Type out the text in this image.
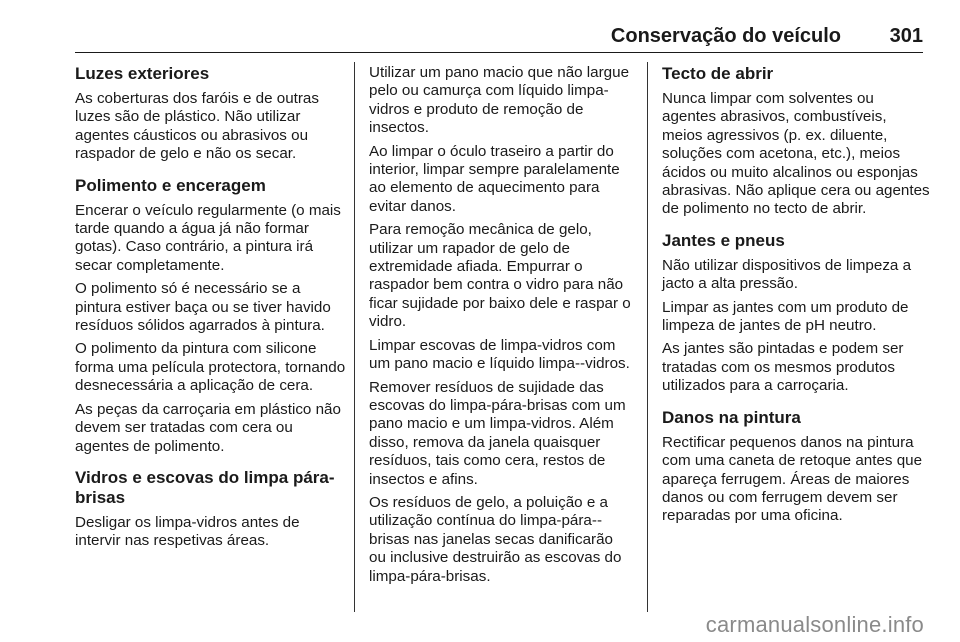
Conservação do veículo 301
Luzes exteriores

As coberturas dos faróis e de outras luzes são de plástico. Não utilizar agentes cáusticos ou abrasivos ou raspador de gelo e não os secar.

Polimento e enceragem

Encerar o veículo regularmente (o mais tarde quando a água já não formar gotas). Caso contrário, a pintura irá secar completamente.

O polimento só é necessário se a pintura estiver baça ou se tiver havido resíduos sólidos agarrados à pintura.

O polimento da pintura com silicone forma uma película protectora, tornando desnecessária a aplicação de cera.

As peças da carroçaria em plástico não devem ser tratadas com cera ou agentes de polimento.

Vidros e escovas do limpa pára-brisas

Desligar os limpa-vidros antes de intervir nas respetivas áreas.

Utilizar um pano macio que não largue pelo ou camurça com líquido limpa-vidros e produto de remoção de insectos.

Ao limpar o óculo traseiro a partir do interior, limpar sempre paralelamente ao elemento de aquecimento para evitar danos.

Para remoção mecânica de gelo, utilizar um rapador de gelo de extremidade afiada. Empurrar o raspador bem contra o vidro para não ficar sujidade por baixo dele e raspar o vidro.

Limpar escovas de limpa-vidros com um pano macio e líquido limpa--vidros.

Remover resíduos de sujidade das escovas do limpa-pára-brisas com um pano macio e um limpa-vidros. Além disso, remova da janela quaisquer resíduos, tais como cera, restos de insectos e afins.

Os resíduos de gelo, a poluição e a utilização contínua do limpa-pára--brisas nas janelas secas danificarão ou inclusive destruirão as escovas do limpa-pára-brisas.

Tecto de abrir

Nunca limpar com solventes ou agentes abrasivos, combustíveis, meios agressivos (p. ex. diluente, soluções com acetona, etc.), meios ácidos ou muito alcalinos ou esponjas abrasivas. Não aplique cera ou agentes de polimento no tecto de abrir.

Jantes e pneus

Não utilizar dispositivos de limpeza a jacto a alta pressão.

Limpar as jantes com um produto de limpeza de jantes de pH neutro.

As jantes são pintadas e podem ser tratadas com os mesmos produtos utilizados para a carroçaria.

Danos na pintura

Rectificar pequenos danos na pintura com uma caneta de retoque antes que apareça ferrugem. Áreas de maiores danos ou com ferrugem devem ser reparadas por uma oficina.

carmanualsonline.info
